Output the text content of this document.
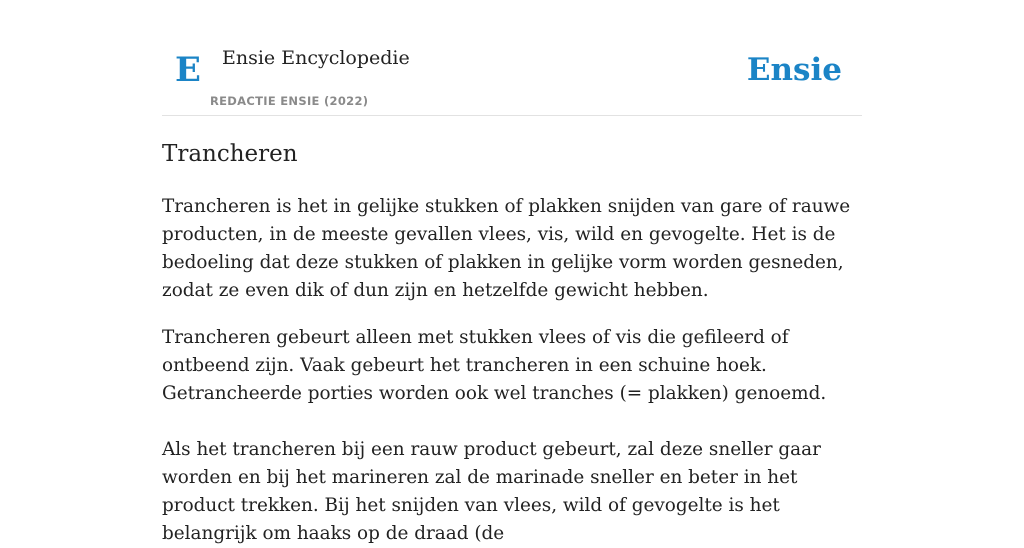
E Ensie Encyclopedie
REDACTIE ENSIE (2022)
Ensie
Trancheren

Trancheren is het in gelijke stukken of plakken snijden van gare of rauwe producten, in de meeste gevallen vlees, vis, wild en gevogelte. Het is de bedoeling dat deze stukken of plakken in gelijke vorm worden gesneden, zodat ze even dik of dun zijn en hetzelfde gewicht hebben.

Trancheren gebeurt alleen met stukken vlees of vis die gefileerd of ontbeend zijn. Vaak gebeurt het trancheren in een schuine hoek. Getrancheerde porties worden ook wel tranches (= plakken) genoemd.

Als het trancheren bij een rauw product gebeurt, zal deze sneller gaar worden en bij het marineren zal de marinade sneller en beter in het product trekken. Bij het snijden van vlees, wild of gevogelte is het belangrijk om haaks op de draad (de
